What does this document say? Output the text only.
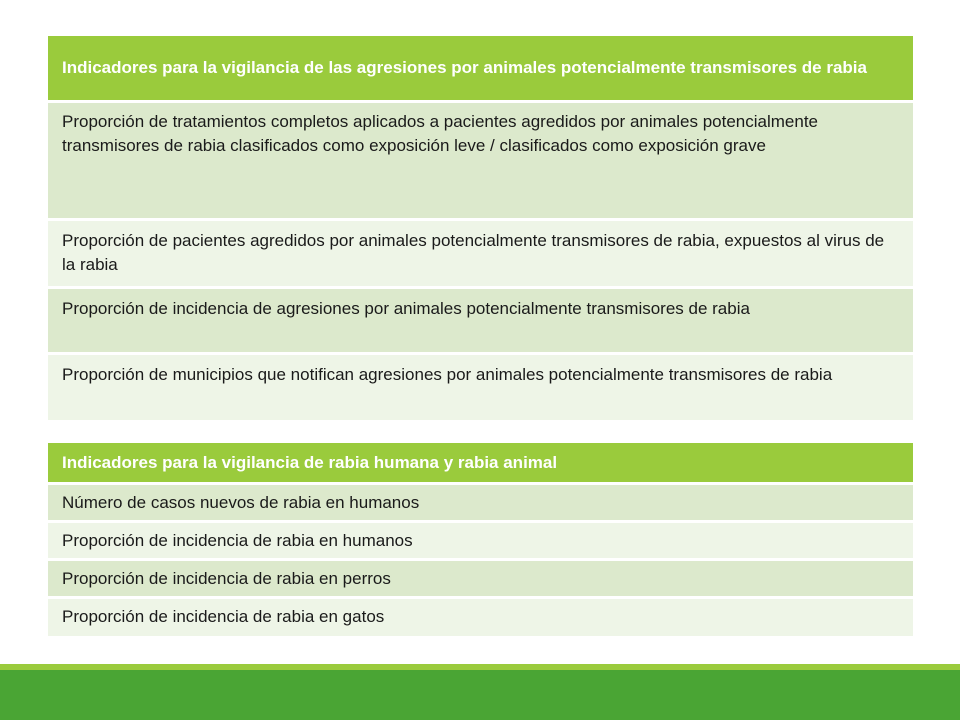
Indicadores para la vigilancia de las agresiones por animales potencialmente transmisores de rabia
Proporción de tratamientos completos aplicados a pacientes agredidos por animales potencialmente transmisores de rabia clasificados como exposición leve / clasificados como exposición grave
Proporción de pacientes agredidos por animales potencialmente transmisores de rabia, expuestos al virus de la rabia
Proporción de incidencia de agresiones por animales potencialmente transmisores de rabia
Proporción de municipios que notifican agresiones por animales potencialmente transmisores de rabia
Indicadores para la vigilancia de rabia humana y rabia animal
Número de casos nuevos de rabia en humanos
Proporción de incidencia de rabia en humanos
Proporción de incidencia de rabia en perros
Proporción de incidencia de rabia en gatos
